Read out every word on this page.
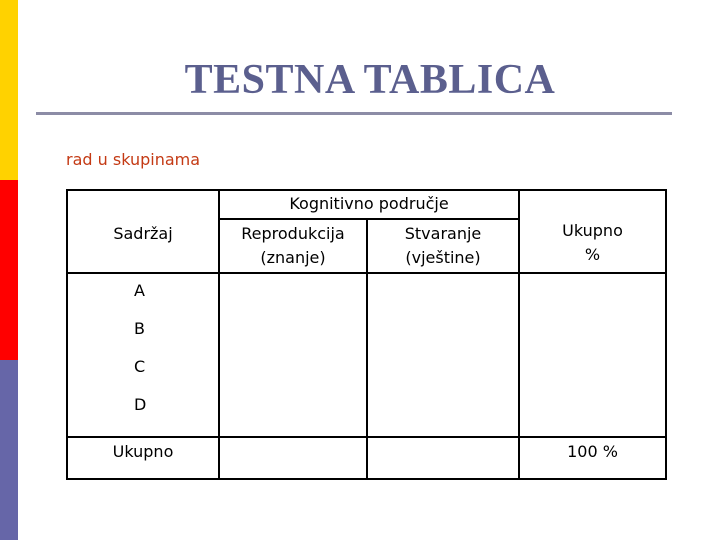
TESTNA TABLICA
rad u skupinama
Kognitivno područje
Sadržaj	Reprodukcija
(znanje)
Stvaranje
(vještine)
Ukupno
%
A
B
C
D
Ukupno	100 %
